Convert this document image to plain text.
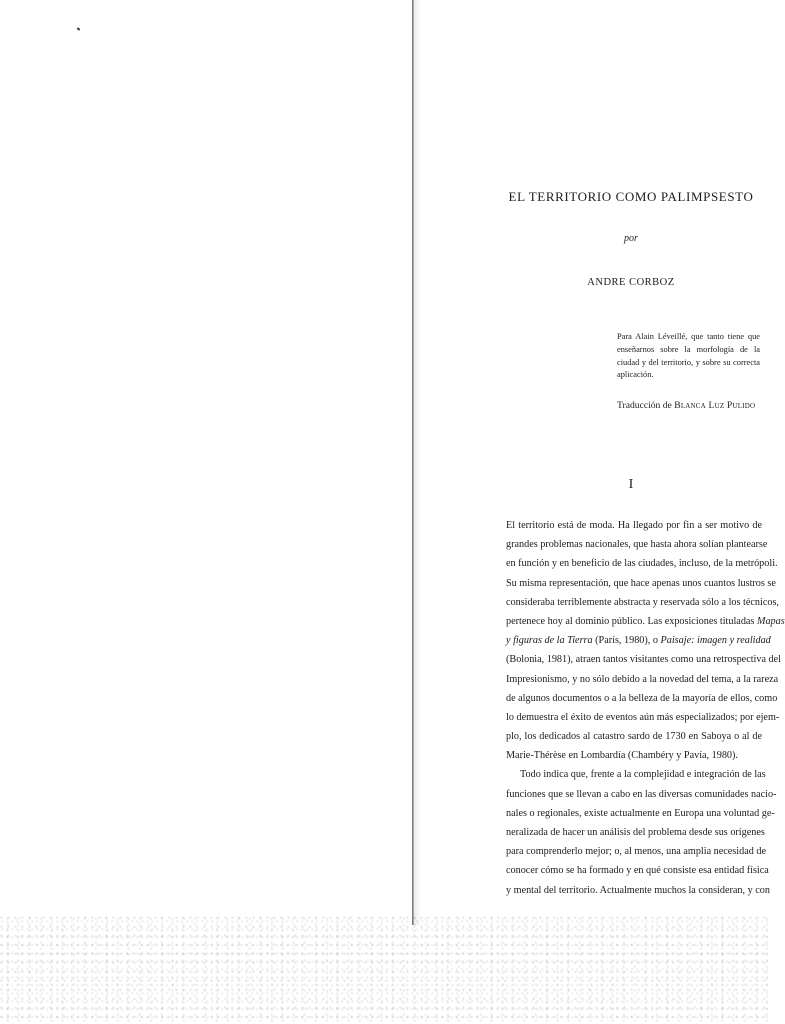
EL TERRITORIO COMO PALIMPSESTO
por
ANDRE CORBOZ

Para Alain Léveillé, que tanto tiene que enseñarnos sobre la morfología de la ciudad y del territorio, y sobre su correcta aplicación.

Traducción de Blanca Luz Pulido

I
El territorio está de moda. Ha llegado por fin a ser motivo de
grandes problemas nacionales, que hasta ahora solían plantearse
en función y en beneficio de las ciudades, incluso, de la metrópoli.
Su misma representación, que hace apenas unos cuantos lustros se
consideraba terriblemente abstracta y reservada sólo a los técnicos,
pertenece hoy al dominio público. Las exposiciones tituladas Mapas
y figuras de la Tierra (París, 1980), o Paisaje: imagen y realidad
(Bolonia, 1981), atraen tantos visitantes como una retrospectiva del
Impresionismo, y no sólo debido a la novedad del tema, a la rareza
de algunos documentos o a la belleza de la mayoría de ellos, como
lo demuestra el éxito de eventos aún más especializados; por ejem-
plo, los dedicados al catastro sardo de 1730 en Saboya o al de
Marie-Thérèse en Lombardía (Chambéry y Pavía, 1980).
Todo indica que, frente a la complejidad e integración de las
funciones que se llevan a cabo en las diversas comunidades nacio-
nales o regionales, existe actualmente en Europa una voluntad ge-
neralizada de hacer un análisis del problema desde sus orígenes
para comprenderlo mejor; o, al menos, una amplia necesidad de
conocer cómo se ha formado y en qué consiste esa entidad física
y mental del territorio. Actualmente muchos la consideran, y con
